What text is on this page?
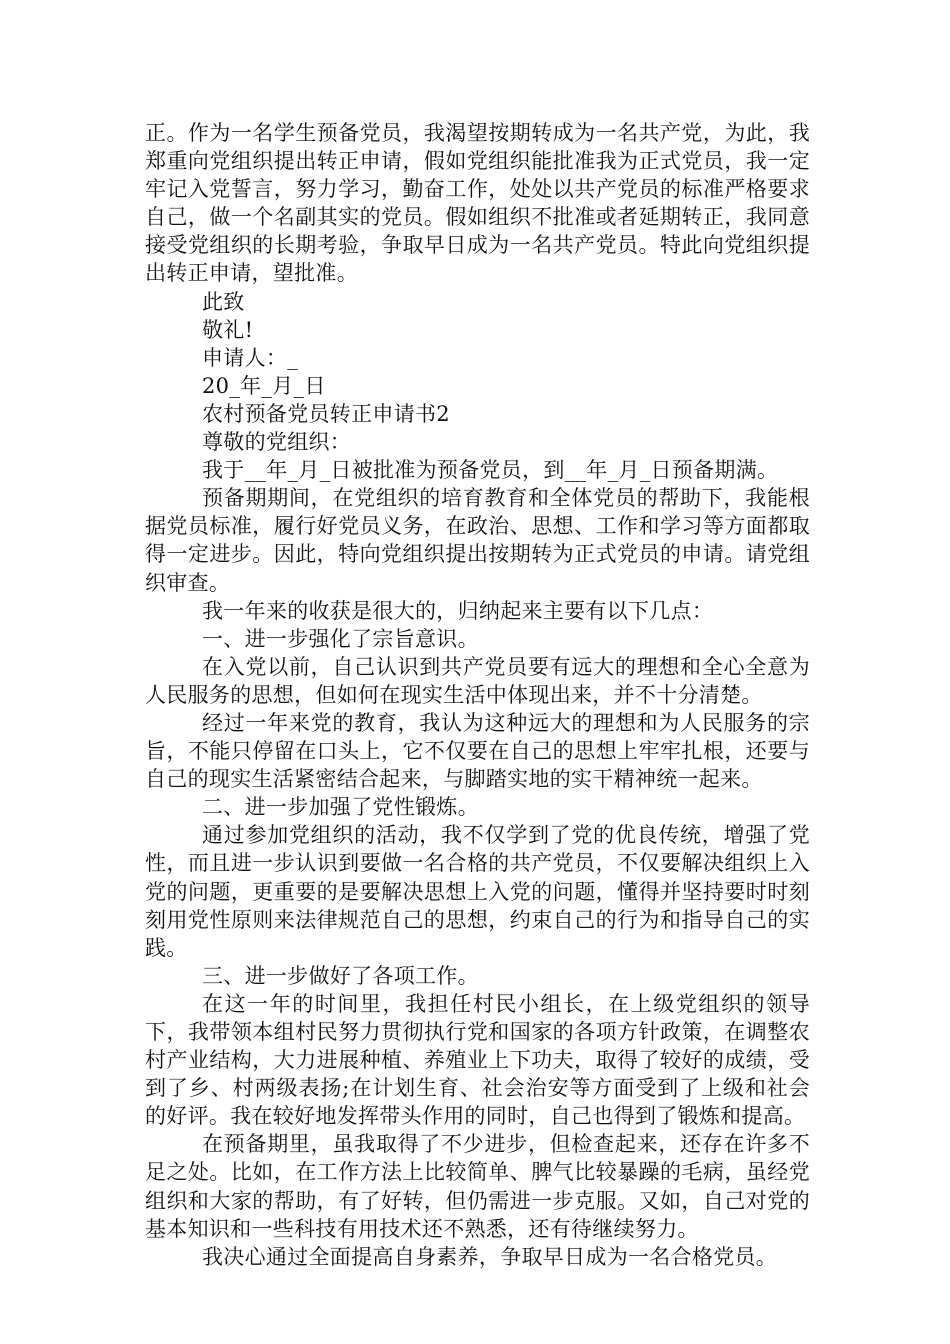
正。作为一名学生预备党员，我渴望按期转成为一名共产党，为此，我郑重向党组织提出转正申请，假如党组织能批准我为正式党员，我一定牢记入党誓言，努力学习，勤奋工作，处处以共产党员的标准严格要求自己，做一个名副其实的党员。假如组织不批准或者延期转正，我同意接受党组织的长期考验，争取早日成为一名共产党员。特此向党组织提出转正申请，望批准。

此致

敬礼!

申请人：_

20_年_月_日

农村预备党员转正申请书2

尊敬的党组织：

我于__年_月_日被批准为预备党员，到__年_月_日预备期满。

预备期期间，在党组织的培育教育和全体党员的帮助下，我能根据党员标准，履行好党员义务，在政治、思想、工作和学习等方面都取得一定进步。因此，特向党组织提出按期转为正式党员的申请。请党组织审查。

我一年来的收获是很大的，归纳起来主要有以下几点：

一、进一步强化了宗旨意识。

在入党以前，自己认识到共产党员要有远大的理想和全心全意为人民服务的思想，但如何在现实生活中体现出来，并不十分清楚。

经过一年来党的教育，我认为这种远大的理想和为人民服务的宗旨，不能只停留在口头上，它不仅要在自己的思想上牢牢扎根，还要与自己的现实生活紧密结合起来，与脚踏实地的实干精神统一起来。

二、进一步加强了党性锻炼。

通过参加党组织的活动，我不仅学到了党的优良传统，增强了党性，而且进一步认识到要做一名合格的共产党员，不仅要解决组织上入党的问题，更重要的是要解决思想上入党的问题，懂得并坚持要时时刻刻用党性原则来法律规范自己的思想，约束自己的行为和指导自己的实践。

三、进一步做好了各项工作。

在这一年的时间里，我担任村民小组长，在上级党组织的领导下，我带领本组村民努力贯彻执行党和国家的各项方针政策，在调整农村产业结构，大力进展种植、养殖业上下功夫，取得了较好的成绩，受到了乡、村两级表扬;在计划生育、社会治安等方面受到了上级和社会的好评。我在较好地发挥带头作用的同时，自己也得到了锻炼和提高。

在预备期里，虽我取得了不少进步，但检查起来，还存在许多不足之处。比如，在工作方法上比较简单、脾气比较暴躁的毛病，虽经党组织和大家的帮助，有了好转，但仍需进一步克服。又如，自己对党的基本知识和一些科技有用技术还不熟悉，还有待继续努力。

我决心通过全面提高自身素养，争取早日成为一名合格党员。
